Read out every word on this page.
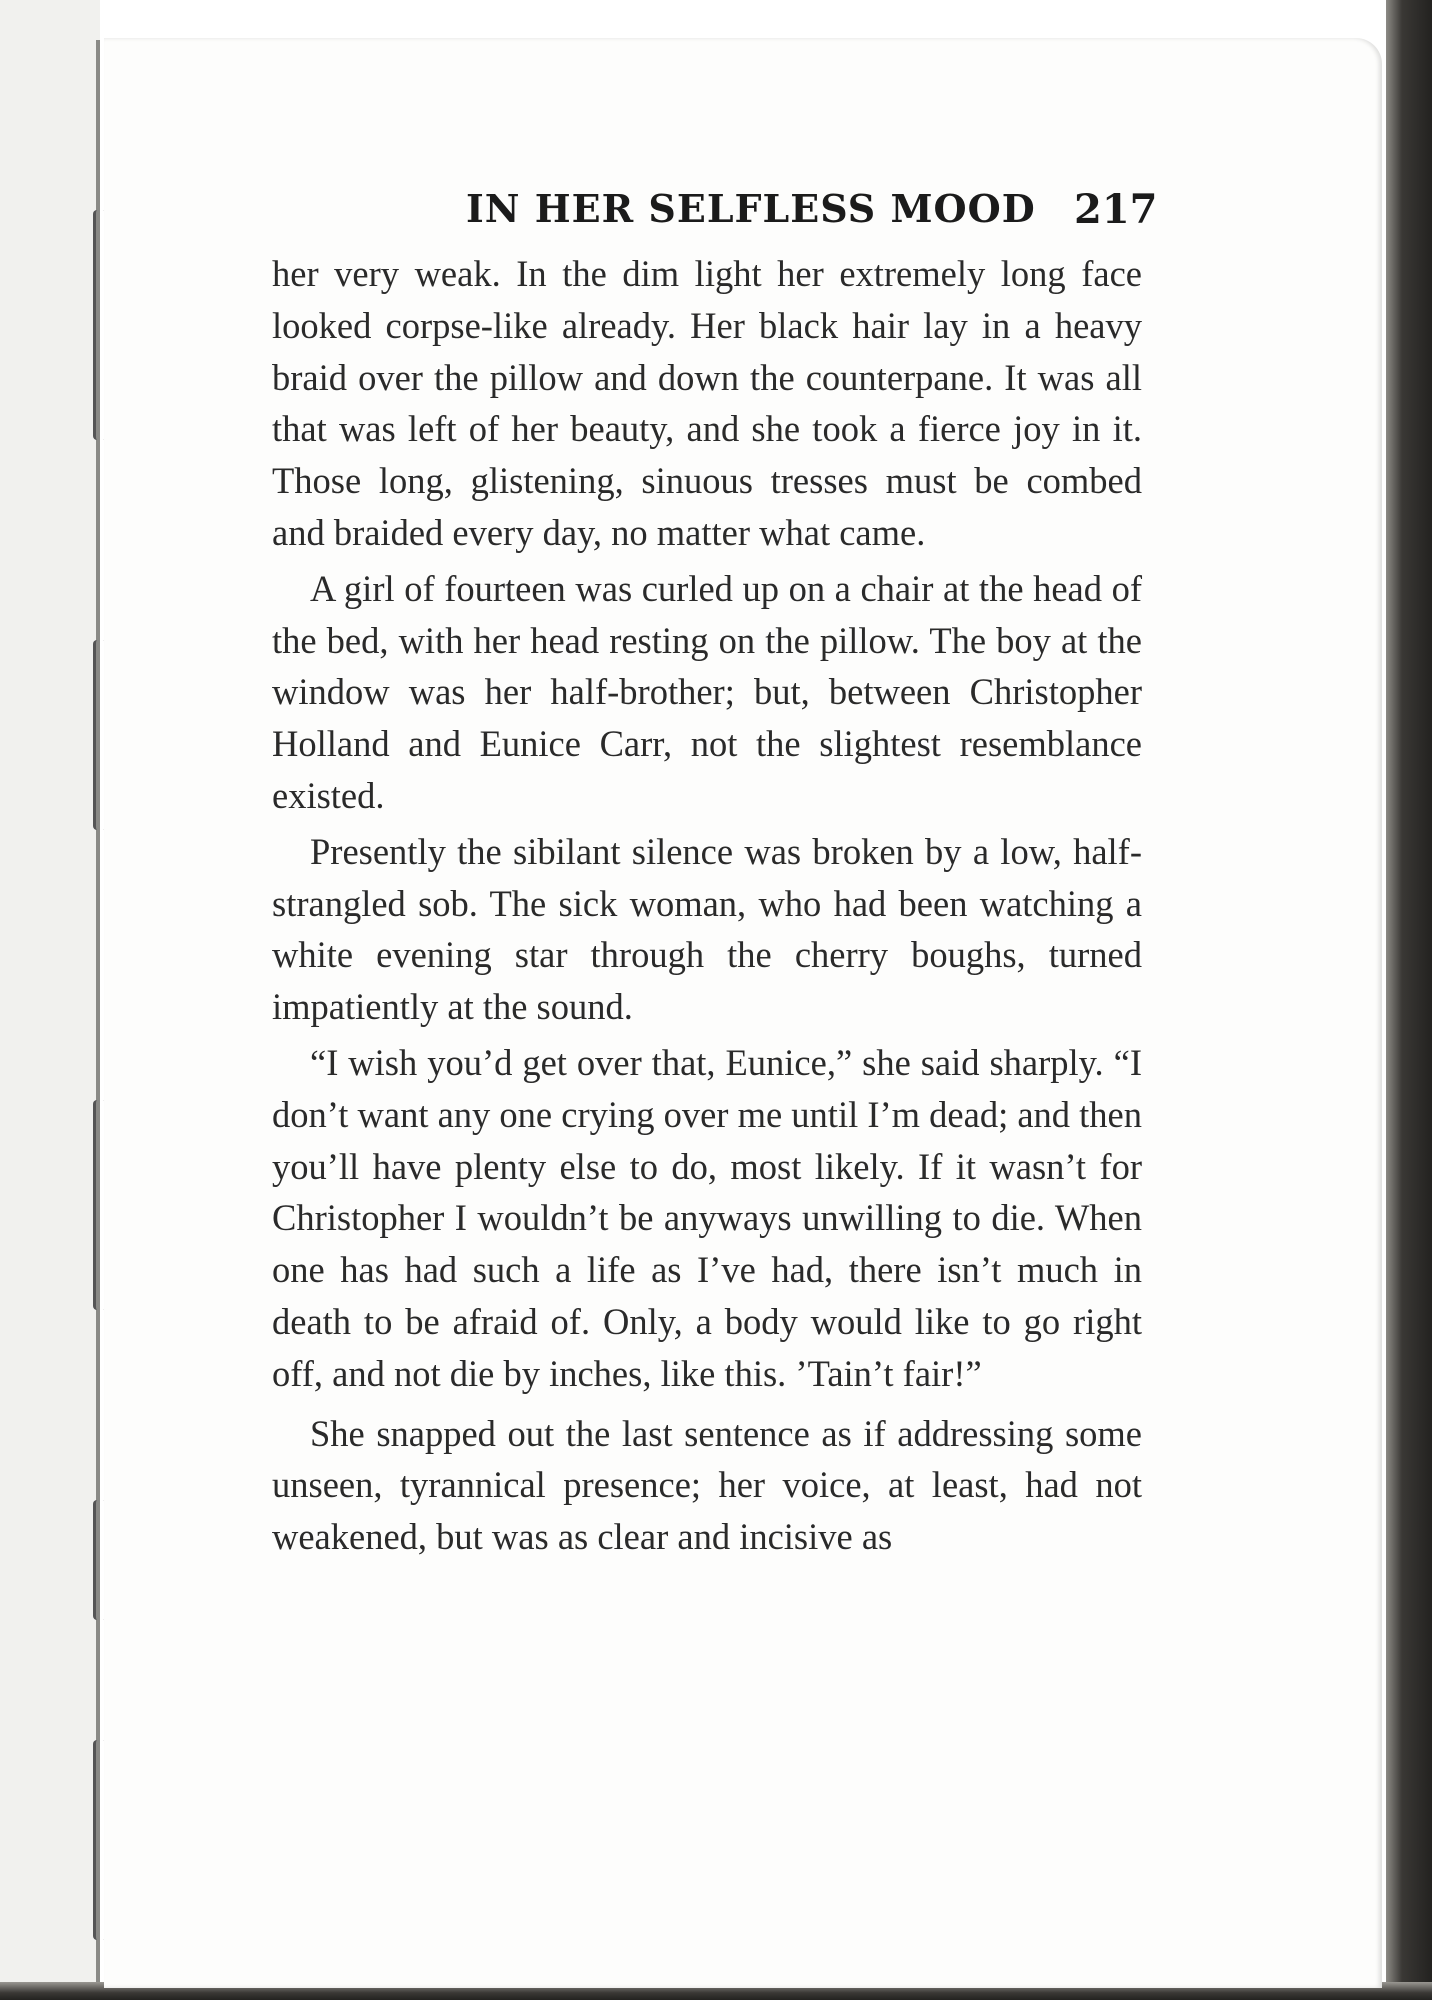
IN HER SELFLESS MOOD 217

her very weak. In the dim light her extremely long face looked corpse-like already. Her black hair lay in a heavy braid over the pillow and down the counterpane. It was all that was left of her beauty, and she took a fierce joy in it. Those long, glistening, sinuous tresses must be combed and braided every day, no matter what came.

A girl of fourteen was curled up on a chair at the head of the bed, with her head resting on the pillow. The boy at the window was her half-brother; but, between Christopher Holland and Eunice Carr, not the slightest resemblance existed.

Presently the sibilant silence was broken by a low, half-strangled sob. The sick woman, who had been watching a white evening star through the cherry boughs, turned impatiently at the sound.

“I wish you’d get over that, Eunice,” she said sharply. “I don’t want any one crying over me until I’m dead; and then you’ll have plenty else to do, most likely. If it wasn’t for Christopher I wouldn’t be anyways unwilling to die. When one has had such a life as I’ve had, there isn’t much in death to be afraid of. Only, a body would like to go right off, and not die by inches, like this. ’Tain’t fair!”

She snapped out the last sentence as if addressing some unseen, tyrannical presence; her voice, at least, had not weakened, but was as clear and incisive as
